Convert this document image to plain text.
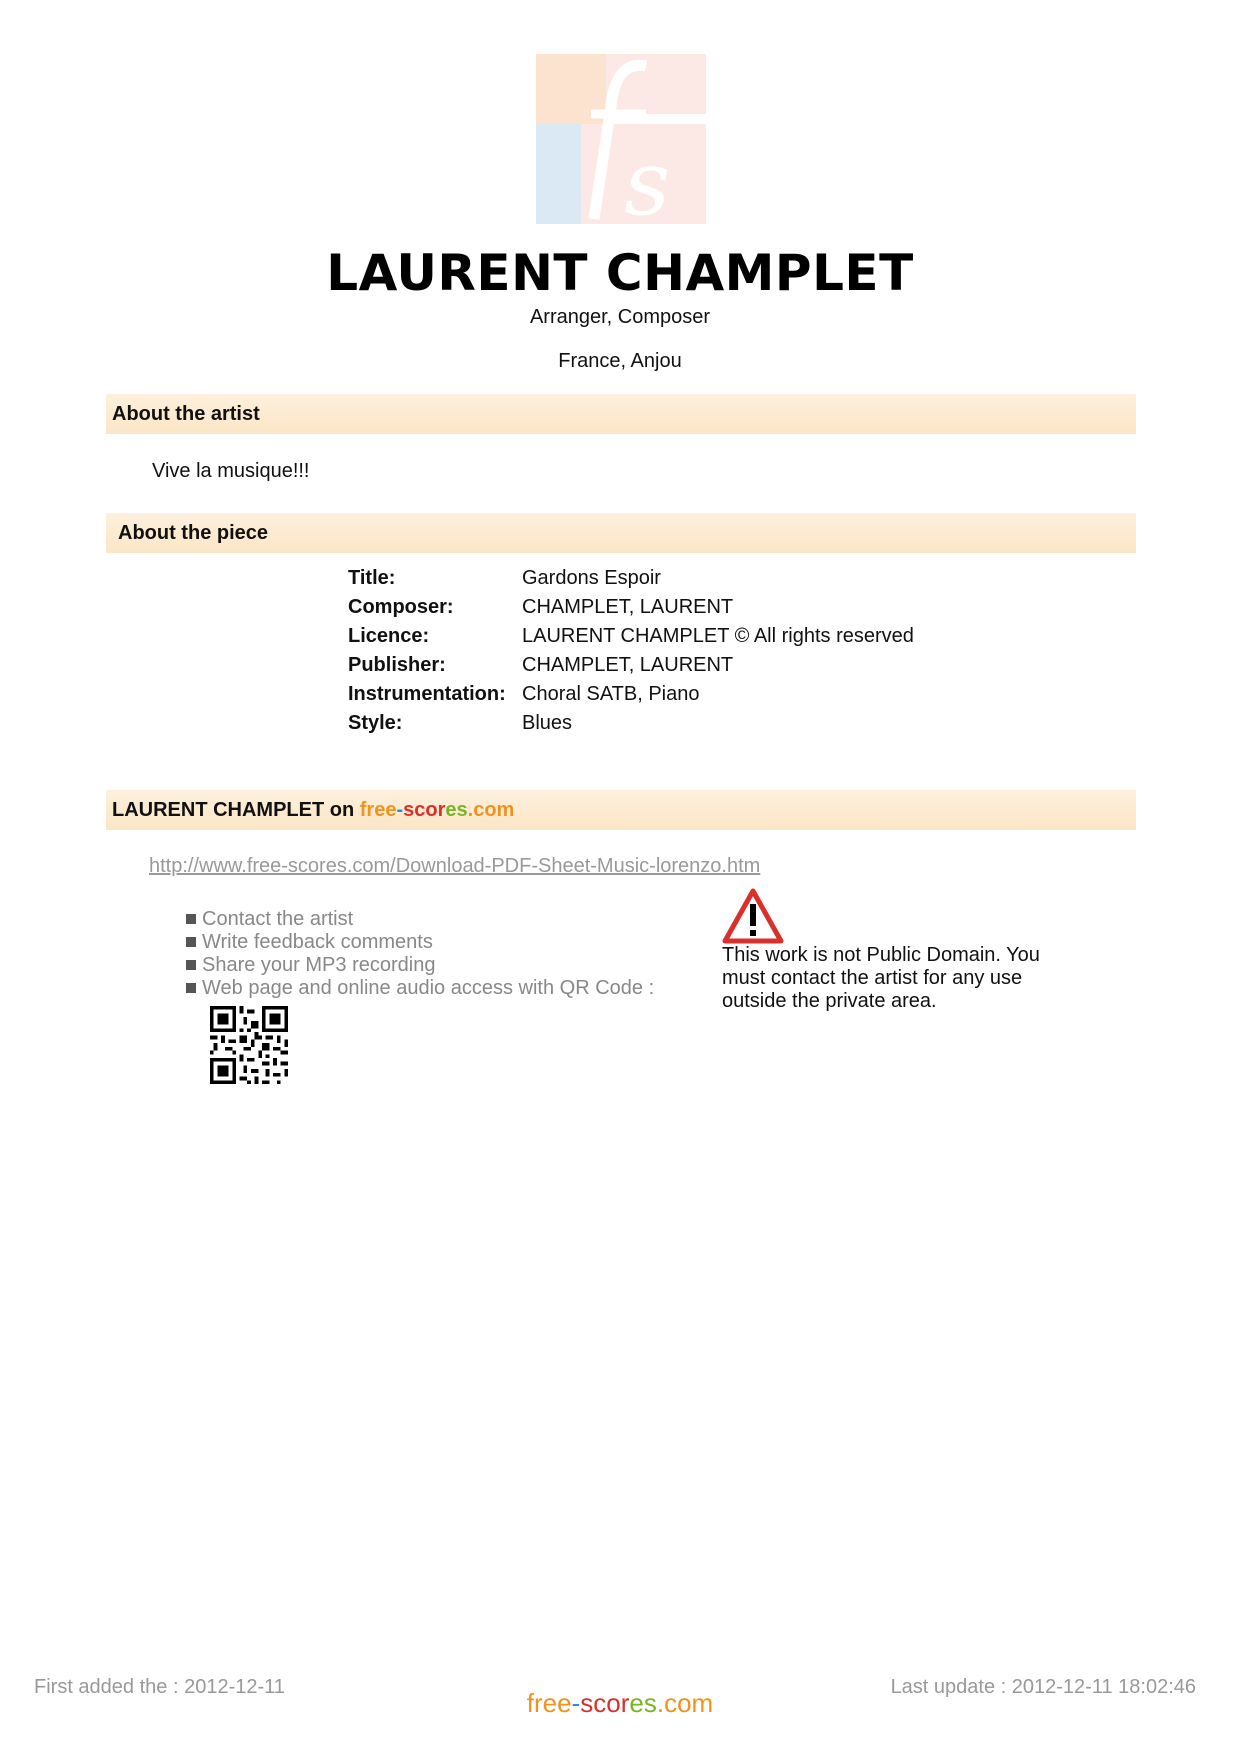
s
LAURENT CHAMPLET
Arranger, Composer
France, Anjou
About the artist
Vive la musique!!!
About the piece
Title:	Gardons Espoir
Composer:	CHAMPLET, LAURENT
Licence:	LAURENT CHAMPLET © All rights reserved
Publisher:	CHAMPLET, LAURENT
Instrumentation: Choral SATB, Piano
Style:	Blues
LAURENT CHAMPLET on free-scores.com
http://www.free-scores.com/Download-PDF-Sheet-Music-lorenzo.htm
Contact the artist
Write feedback comments
Share your MP3 recording
Web page and online audio access with QR Code :
This work is not Public Domain. You must contact the artist for any use outside the private area.
First added the : 2012-12-11
free-scores.com
Last update : 2012-12-11 18:02:46
